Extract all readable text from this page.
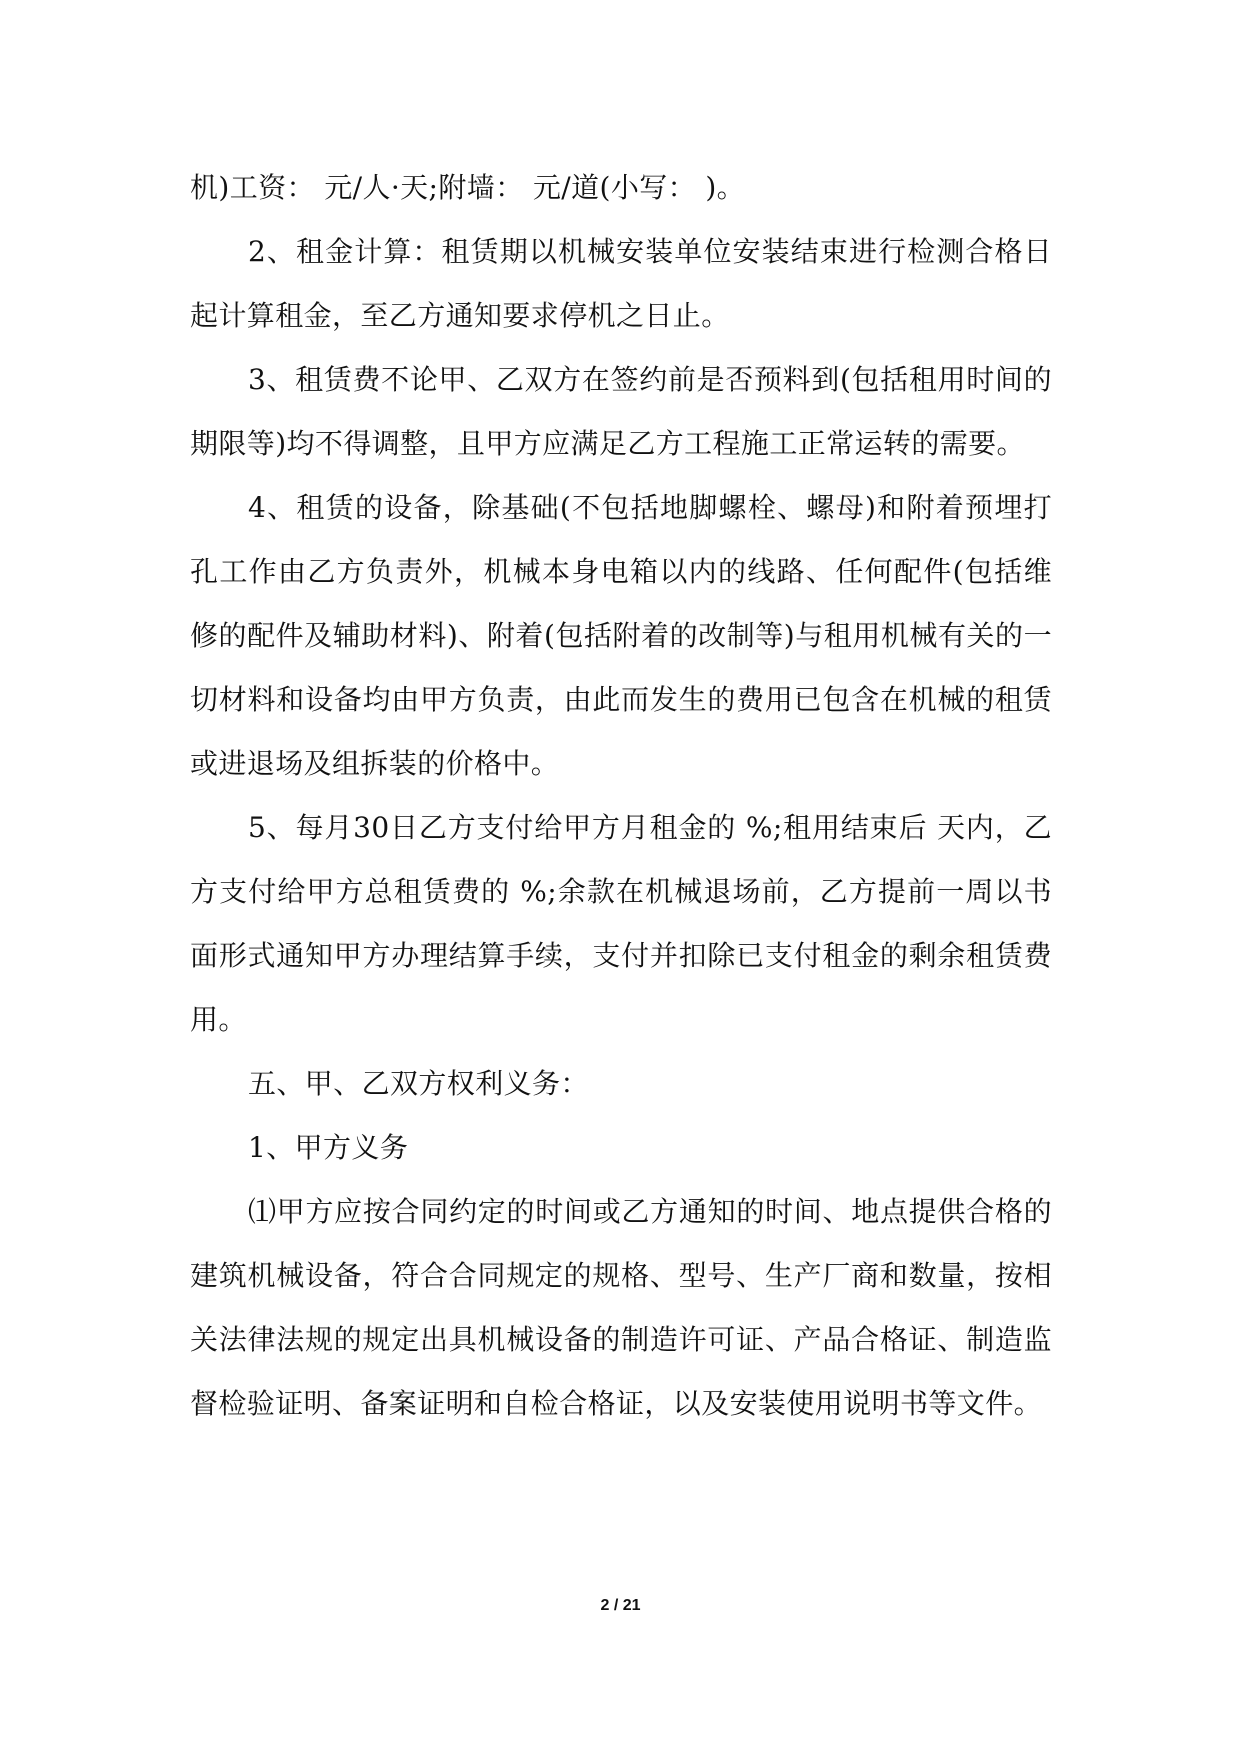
机)工资： 元/人·天;附墙： 元/道(小写： )。

2、租金计算：租赁期以机械安装单位安装结束进行检测合格日起计算租金，至乙方通知要求停机之日止。

3、租赁费不论甲、乙双方在签约前是否预料到(包括租用时间的期限等)均不得调整，且甲方应满足乙方工程施工正常运转的需要。

4、租赁的设备，除基础(不包括地脚螺栓、螺母)和附着预埋打孔工作由乙方负责外，机械本身电箱以内的线路、任何配件(包括维修的配件及辅助材料)、附着(包括附着的改制等)与租用机械有关的一切材料和设备均由甲方负责，由此而发生的费用已包含在机械的租赁或进退场及组拆装的价格中。

5、每月30日乙方支付给甲方月租金的 %;租用结束后 天内，乙方支付给甲方总租赁费的 %;余款在机械退场前，乙方提前一周以书面形式通知甲方办理结算手续，支付并扣除已支付租金的剩余租赁费用。

五、甲、乙双方权利义务：

1、甲方义务

⑴甲方应按合同约定的时间或乙方通知的时间、地点提供合格的建筑机械设备，符合合同规定的规格、型号、生产厂商和数量，按相关法律法规的规定出具机械设备的制造许可证、产品合格证、制造监督检验证明、备案证明和自检合格证，以及安装使用说明书等文件。

2 / 21
